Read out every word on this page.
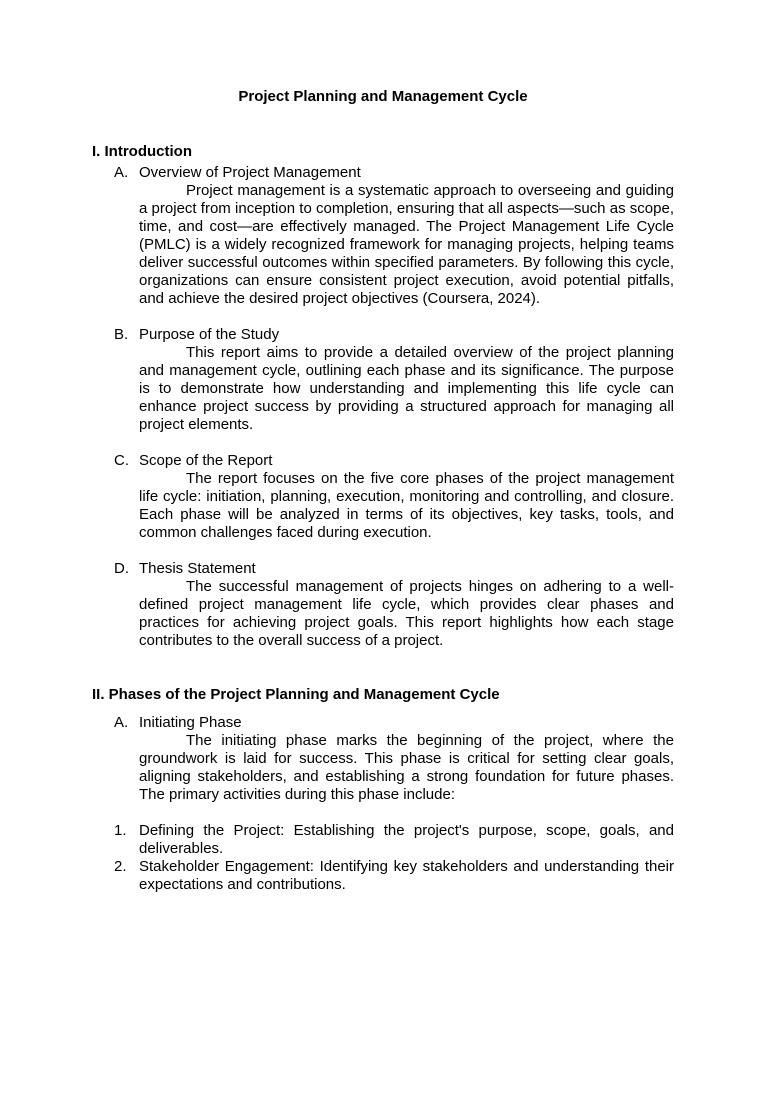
Project Planning and Management Cycle
I. Introduction
A. Overview of Project Management
Project management is a systematic approach to overseeing and guiding a project from inception to completion, ensuring that all aspects—such as scope, time, and cost—are effectively managed. The Project Management Life Cycle (PMLC) is a widely recognized framework for managing projects, helping teams deliver successful outcomes within specified parameters. By following this cycle, organizations can ensure consistent project execution, avoid potential pitfalls, and achieve the desired project objectives (Coursera, 2024).
B. Purpose of the Study
This report aims to provide a detailed overview of the project planning and management cycle, outlining each phase and its significance. The purpose is to demonstrate how understanding and implementing this life cycle can enhance project success by providing a structured approach for managing all project elements.
C. Scope of the Report
The report focuses on the five core phases of the project management life cycle: initiation, planning, execution, monitoring and controlling, and closure. Each phase will be analyzed in terms of its objectives, key tasks, tools, and common challenges faced during execution.
D. Thesis Statement
The successful management of projects hinges on adhering to a well-defined project management life cycle, which provides clear phases and practices for achieving project goals. This report highlights how each stage contributes to the overall success of a project.
II. Phases of the Project Planning and Management Cycle
A. Initiating Phase
The initiating phase marks the beginning of the project, where the groundwork is laid for success. This phase is critical for setting clear goals, aligning stakeholders, and establishing a strong foundation for future phases. The primary activities during this phase include:
1. Defining the Project: Establishing the project's purpose, scope, goals, and deliverables.
2. Stakeholder Engagement: Identifying key stakeholders and understanding their expectations and contributions.
